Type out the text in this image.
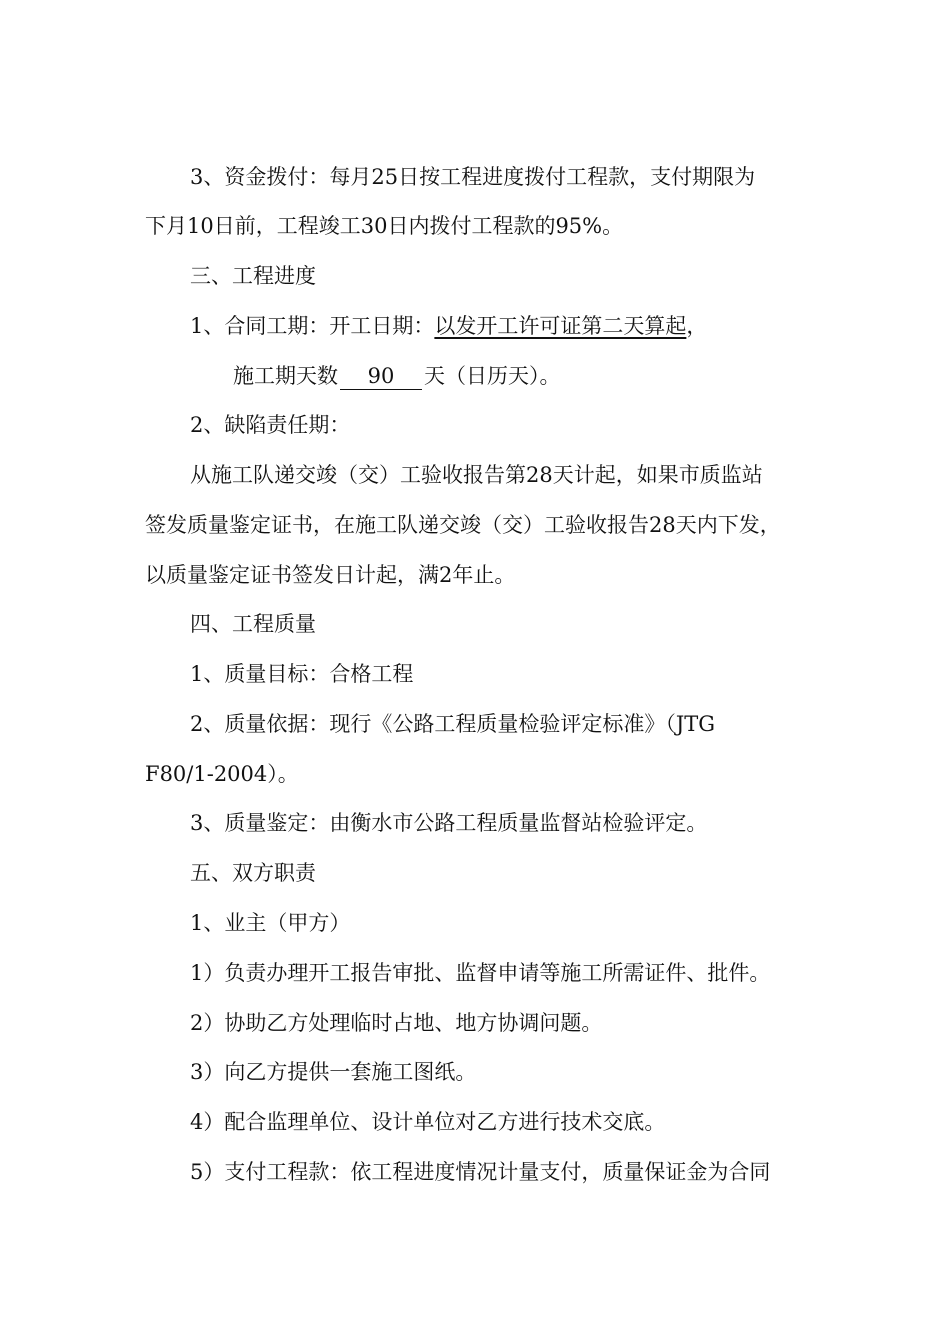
3、资金拨付：每月25日按工程进度拨付工程款，支付期限为
下月10日前，工程竣工30日内拨付工程款的95%。
三、工程进度
1、合同工期：开工日期：以发开工许可证第二天算起，
施工期天数 90 天（日历天）。
2、缺陷责任期：
从施工队递交竣（交）工验收报告第28天计起，如果市质监站
签发质量鉴定证书，在施工队递交竣（交）工验收报告28天内下发，
以质量鉴定证书签发日计起，满2年止。
四、工程质量
1、质量目标：合格工程
2、质量依据：现行《公路工程质量检验评定标准》（JTG
F80/1-2004）。
3、质量鉴定：由衡水市公路工程质量监督站检验评定。
五、双方职责
1、业主（甲方）
1）负责办理开工报告审批、监督申请等施工所需证件、批件。
2）协助乙方处理临时占地、地方协调问题。
3）向乙方提供一套施工图纸。
4）配合监理单位、设计单位对乙方进行技术交底。
5）支付工程款：依工程进度情况计量支付，质量保证金为合同
